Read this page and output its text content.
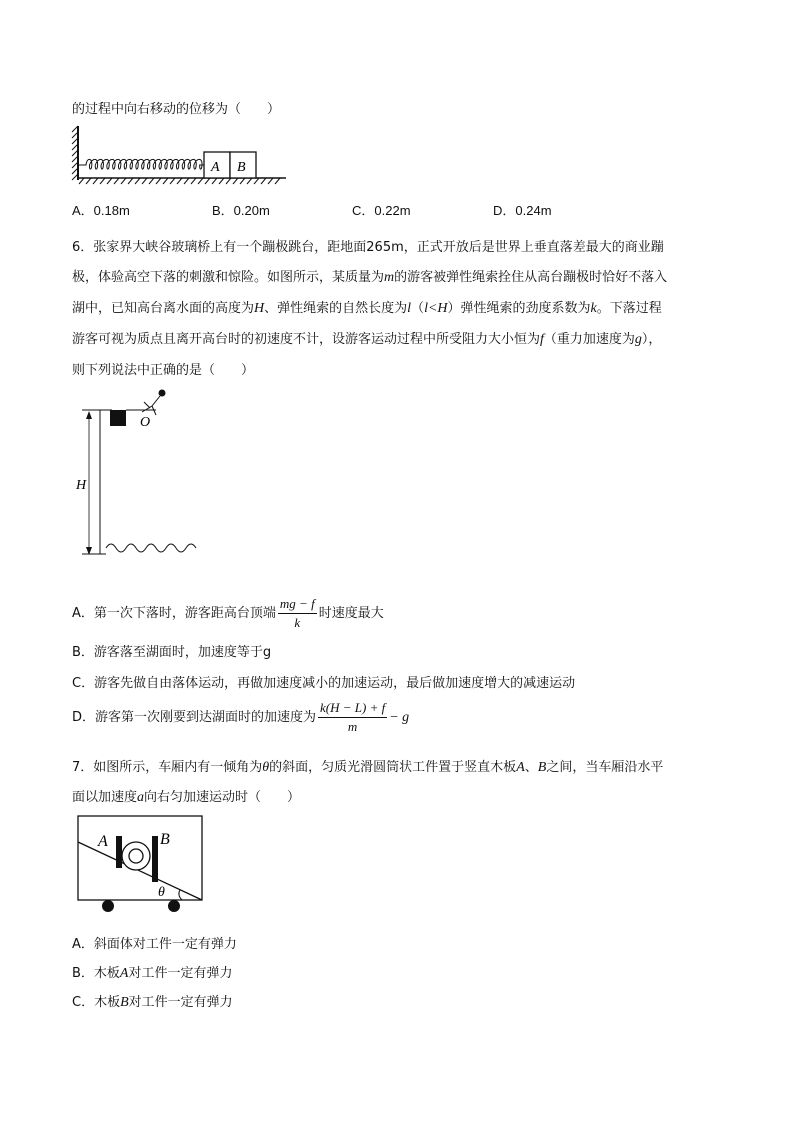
的过程中向右移动的位移为（　　）
A B
A．0.18m	B．0.20m	C．0.22m	D．0.24m
6．张家界大峡谷玻璃桥上有一个蹦极跳台，距地面265m，正式开放后是世界上垂直落差最大的商业蹦
极，体验高空下落的刺激和惊险。如图所示，某质量为m的游客被弹性绳索拴住从高台蹦极时恰好不落入
湖中，已知高台离水面的高度为H、弹性绳索的自然长度为l（l<H）弹性绳索的劲度系数为k。下落过程
游客可视为质点且离开高台时的初速度不计，设游客运动过程中所受阻力大小恒为f（重力加速度为g），
则下列说法中正确的是（　　）
H
O
A．第一次下落时，游客距高台顶端 $\frac{mg - f}{k}$ 时速度最大
B．游客落至湖面时，加速度等于g
C．游客先做自由落体运动，再做加速度减小的加速运动，最后做加速度增大的减速运动
D．游客第一次刚要到达湖面时的加速度为 $\frac{k(H - L) + f}{m} - g$
7．如图所示，车厢内有一倾角为θ的斜面，匀质光滑圆筒状工件置于竖直木板A、B之间，当车厢沿水平
面以加速度a向右匀加速运动时（　　）
A	B
θ
A．斜面体对工件一定有弹力
B．木板A对工件一定有弹力
C．木板B对工件一定有弹力
